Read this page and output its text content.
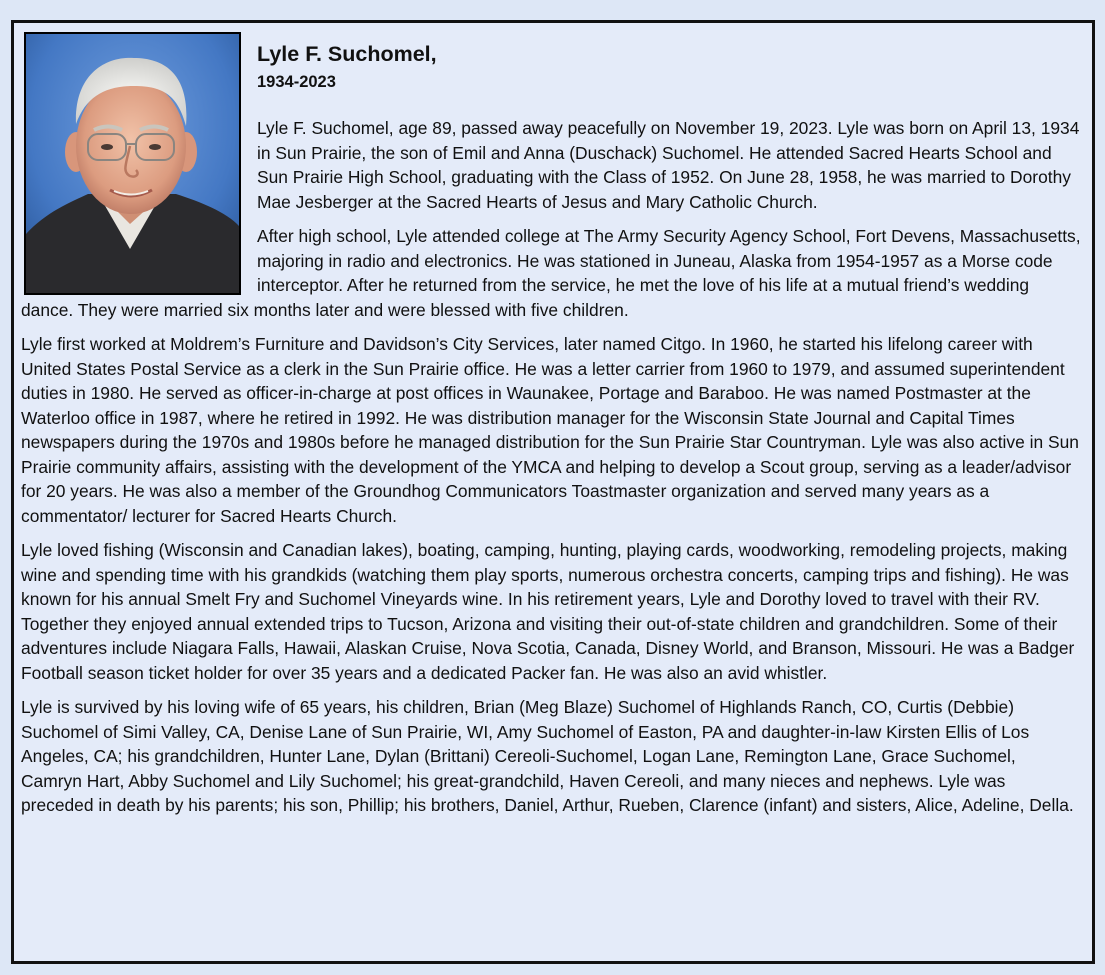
Lyle F. Suchomel,
1934-2023

Lyle F. Suchomel, age 89, passed away peacefully on November 19, 2023. Lyle was born on April 13, 1934 in Sun Prairie, the son of Emil and Anna (Duschack) Suchomel. He attended Sacred Hearts School and Sun Prairie High School, graduating with the Class of 1952. On June 28, 1958, he was married to Dorothy Mae Jesberger at the Sacred Hearts of Jesus and Mary Catholic Church.

After high school, Lyle attended college at The Army Security Agency School, Fort Devens, Massachusetts, majoring in radio and electronics. He was stationed in Juneau, Alaska from 1954-1957 as a Morse code interceptor. After he returned from the service, he met the love of his life at a mutual friend’s wedding dance. They were married six months later and were blessed with five children.

Lyle first worked at Moldrem’s Furniture and Davidson’s City Services, later named Citgo. In 1960, he started his lifelong career with United States Postal Service as a clerk in the Sun Prairie office. He was a letter carrier from 1960 to 1979, and assumed superintendent duties in 1980. He served as officer-in-charge at post offices in Waunakee, Portage and Baraboo. He was named Postmaster at the Waterloo office in 1987, where he retired in 1992. He was distribution manager for the Wisconsin State Journal and Capital Times newspapers during the 1970s and 1980s before he managed distribution for the Sun Prairie Star Countryman. Lyle was also active in Sun Prairie community affairs, assisting with the development of the YMCA and helping to develop a Scout group, serving as a leader/advisor for 20 years. He was also a member of the Groundhog Communicators Toastmaster organization and served many years as a commentator/ lecturer for Sacred Hearts Church.

Lyle loved fishing (Wisconsin and Canadian lakes), boating, camping, hunting, playing cards, woodworking, remodeling projects, making wine and spending time with his grandkids (watching them play sports, numerous orchestra concerts, camping trips and fishing). He was known for his annual Smelt Fry and Suchomel Vineyards wine. In his retirement years, Lyle and Dorothy loved to travel with their RV. Together they enjoyed annual extended trips to Tucson, Arizona and visiting their out-of-state children and grandchildren. Some of their adventures include Niagara Falls, Hawaii, Alaskan Cruise, Nova Scotia, Canada, Disney World, and Branson, Missouri. He was a Badger Football season ticket holder for over 35 years and a dedicated Packer fan. He was also an avid whistler.

Lyle is survived by his loving wife of 65 years, his children, Brian (Meg Blaze) Suchomel of Highlands Ranch, CO, Curtis (Debbie) Suchomel of Simi Valley, CA, Denise Lane of Sun Prairie, WI, Amy Suchomel of Easton, PA and daughter-in-law Kirsten Ellis of Los Angeles, CA; his grandchildren, Hunter Lane, Dylan (Brittani) Cereoli-Suchomel, Logan Lane, Remington Lane, Grace Suchomel, Camryn Hart, Abby Suchomel and Lily Suchomel; his great-grandchild, Haven Cereoli, and many nieces and nephews. Lyle was preceded in death by his parents; his son, Phillip; his brothers, Daniel, Arthur, Rueben, Clarence (infant) and sisters, Alice, Adeline, Della.
